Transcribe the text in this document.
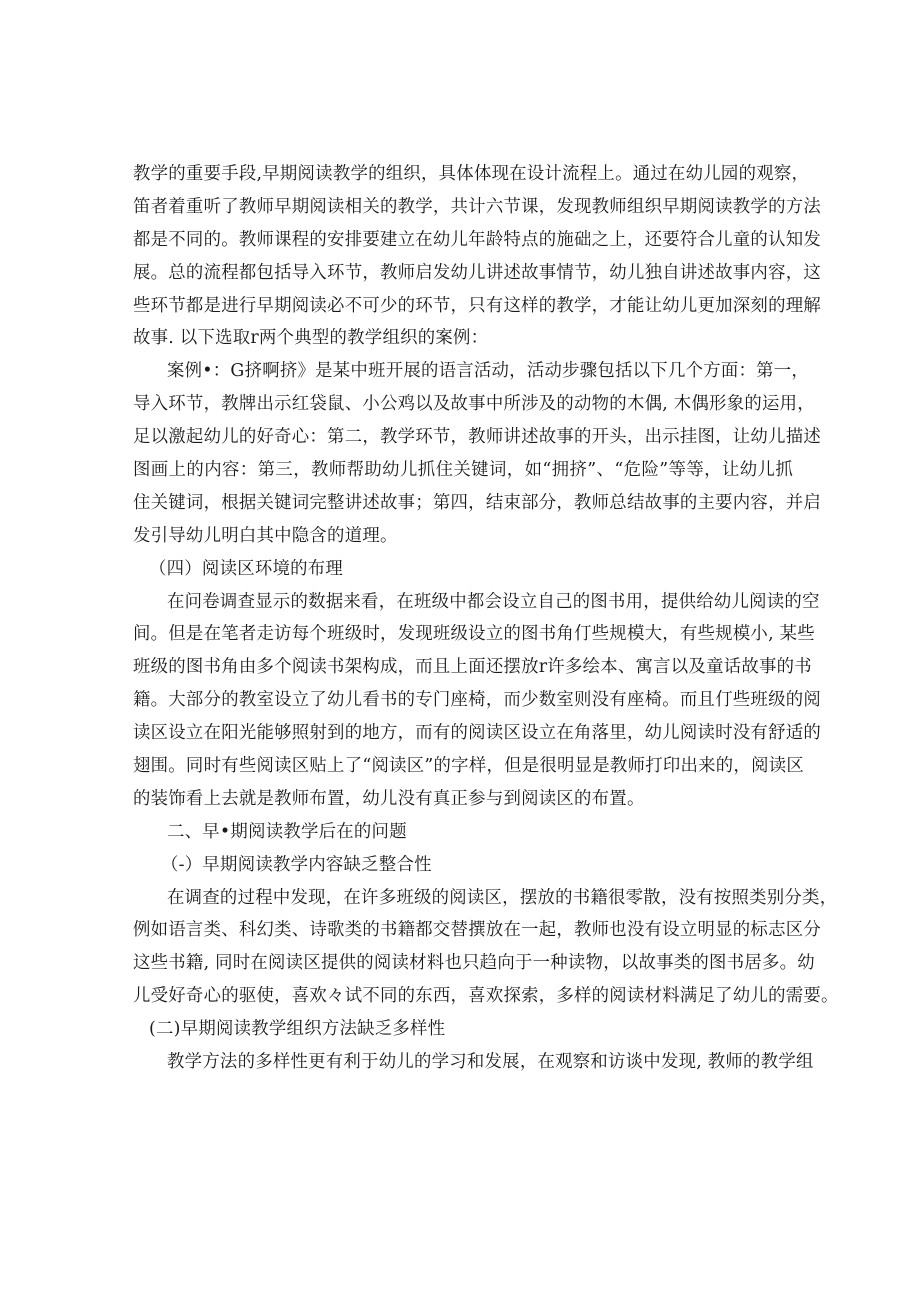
教学的重要手段,早期阅读教学的组织，具体体现在设计流程上。通过在幼儿园的观察，
笛者着重听了教师早期阅读相关的教学，共计六节课，发现教师组织早期阅读教学的方法
都是不同的。教师课程的安排要建立在幼儿年龄特点的施础之上，还要符合儿童的认知发
展。总的流程都包括导入环节，教师启发幼儿讲述故事情节，幼儿独自讲述故事内容，这
些环节都是进行早期阅读必不可少的环节，只有这样的教学，才能让幼儿更加深刻的理解
故事. 以下选取r两个典型的教学组织的案例：
案例•：G挤啊挤》是某中班开展的语言活动，活动步骤包括以下几个方面：第一，
导入环节，教牌出示红袋鼠、小公鸡以及故事中所涉及的动物的木偶, 木偶形象的运用，
足以激起幼儿的好奇心：第二，教学环节，教师讲述故事的开头，出示挂图，让幼儿描述
图画上的内容：第三，教师帮助幼儿抓住关键词，如“拥挤”、“危险”等等，让幼儿抓
住关键词，根据关键词完整讲述故事；第四，结束部分，教师总结故事的主要内容，并启
发引导幼儿明白其中隐含的道理。
（四）阅读区环境的布理
在问卷调查显示的数据来看，在班级中都会设立自己的图书用，提供给幼儿阅读的空
间。但是在笔者走访每个班级时，发现班级设立的图书角仃些规模大，有些规模小, 某些
班级的图书角由多个阅读书架构成，而且上面还摆放r许多绘本、寓言以及童话故事的书
籍。大部分的教室设立了幼儿看书的专门座椅，而少数室则没有座椅。而且仃些班级的阅
读区设立在阳光能够照射到的地方，而有的阅读区设立在角落里，幼儿阅读时没有舒适的
翅围。同时有些阅读区贴上了“阅读区”的字样，但是很明显是教师打印出来的，阅读区
的装饰看上去就是教师布置，幼儿没有真正参与到阅读区的布置。
二、早•期阅读教学后在的问题
（-）早期阅读教学内容缺乏整合性
在调查的过程中发现，在许多班级的阅读区，摆放的书籍很零散，没有按照类别分类，
例如语言类、科幻类、诗歌类的书籍都交替撰放在一起，教师也没有设立明显的标志区分
这些书籍, 同时在阅读区提供的阅读材料也只趋向于一种读物，以故事类的图书居多。幼
儿受好奇心的驱使，喜欢々试不同的东西，喜欢探索，多样的阅读材料满足了幼儿的需要。
(二)早期阅读教学组织方法缺乏多样性
教学方法的多样性更有利于幼儿的学习和发展，在观察和访谈中发现, 教师的教学组
